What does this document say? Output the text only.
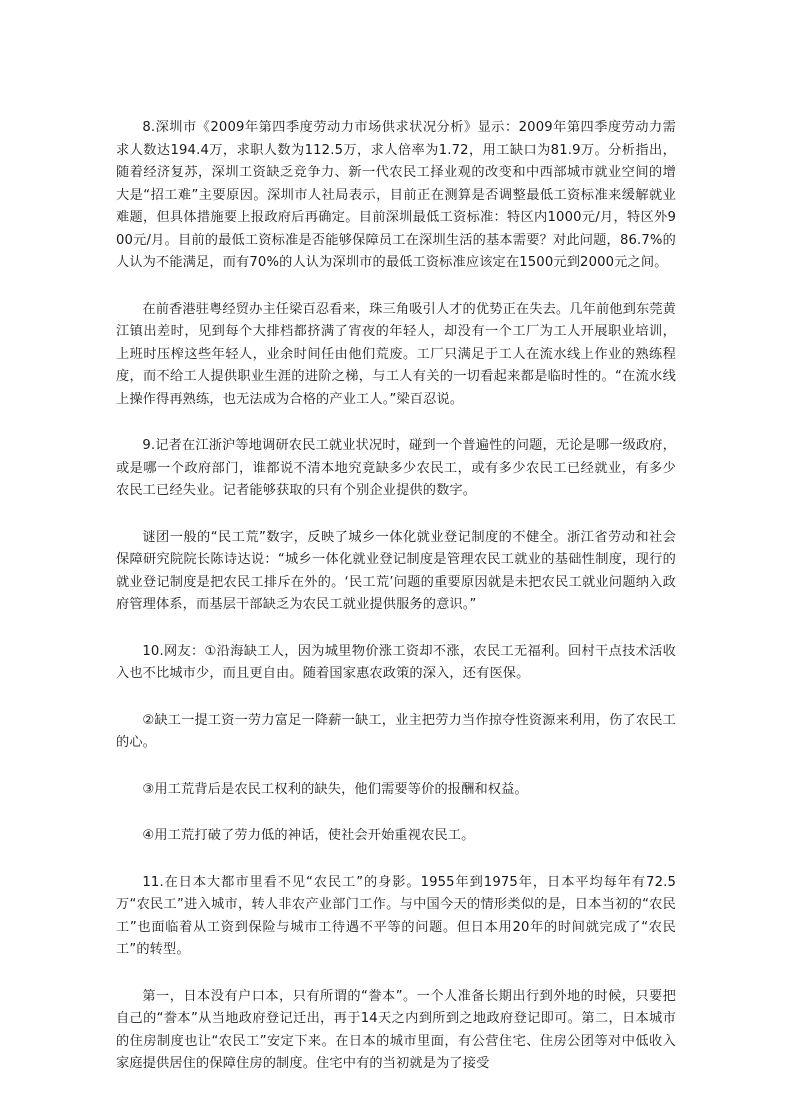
8.深圳市《2009年第四季度劳动力市场供求状况分析》显示：2009年第四季度劳动力需求人数达194.4万，求职人数为112.5万，求人倍率为1.72，用工缺口为81.9万。分析指出，随着经济复苏，深圳工资缺乏竞争力、新一代农民工择业观的改变和中西部城市就业空间的增大是“招工难”主要原因。深圳市人社局表示，目前正在测算是否调整最低工资标准来缓解就业难题，但具体措施要上报政府后再确定。目前深圳最低工资标准：特区内1000元/月，特区外900元/月。目前的最低工资标准是否能够保障员工在深圳生活的基本需要？对此问题，86.7%的人认为不能满足，而有70%的人认为深圳市的最低工资标准应该定在1500元到2000元之间。

在前香港驻粤经贸办主任梁百忍看来，珠三角吸引人才的优势正在失去。几年前他到东莞黄江镇出差时，见到每个大排档都挤满了宵夜的年轻人，却没有一个工厂为工人开展职业培训，上班时压榨这些年轻人，业余时间任由他们荒废。工厂只满足于工人在流水线上作业的熟练程度，而不给工人提供职业生涯的进阶之梯，与工人有关的一切看起来都是临时性的。“在流水线上操作得再熟练，也无法成为合格的产业工人。”梁百忍说。

9.记者在江浙沪等地调研农民工就业状况时，碰到一个普遍性的问题，无论是哪一级政府，或是哪一个政府部门，谁都说不清本地究竟缺多少农民工，或有多少农民工已经就业，有多少农民工已经失业。记者能够获取的只有个别企业提供的数字。

谜团一般的“民工荒”数字，反映了城乡一体化就业登记制度的不健全。浙江省劳动和社会保障研究院院长陈诗达说：“城乡一体化就业登记制度是管理农民工就业的基础性制度，现行的就业登记制度是把农民工排斥在外的。‘民工荒’问题的重要原因就是未把农民工就业问题纳入政府管理体系，而基层干部缺乏为农民工就业提供服务的意识。”

10.网友：①沿海缺工人，因为城里物价涨工资却不涨，农民工无福利。回村干点技术活收入也不比城市少，而且更自由。随着国家惠农政策的深入，还有医保。

②缺工一提工资一劳力富足一降薪一缺工，业主把劳力当作掠夺性资源来利用，伤了农民工的心。

③用工荒背后是农民工权利的缺失，他们需要等价的报酬和权益。

④用工荒打破了劳力低的神话，使社会开始重视农民工。

11.在日本大都市里看不见“农民工”的身影。1955年到1975年，日本平均每年有72.5万“农民工”进入城市，转人非农产业部门工作。与中国今天的情形类似的是，日本当初的“农民工”也面临着从工资到保险与城市工待遇不平等的问题。但日本用20年的时间就完成了“农民工”的转型。

第一，日本没有户口本，只有所谓的“誊本”。一个人准备长期出行到外地的时候，只要把自己的“誊本”从当地政府登记迁出，再于14天之内到所到之地政府登记即可。第二，日本城市的住房制度也让“农民工”安定下来。在日本的城市里面，有公营住宅、住房公团等对中低收入家庭提供居住的保障住房的制度。住宅中有的当初就是为了接受
